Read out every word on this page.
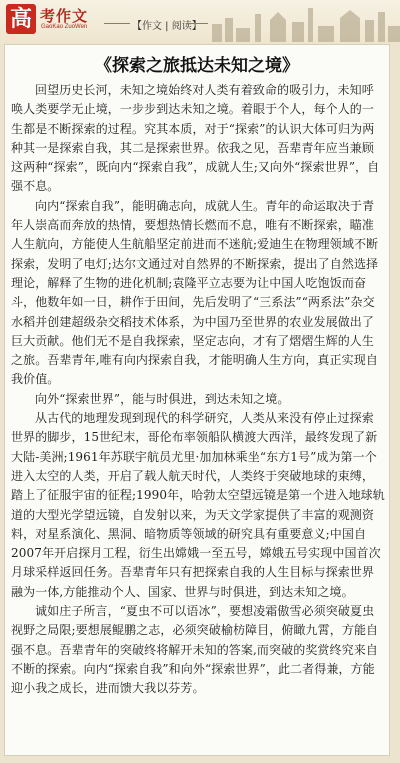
高 考作文
GaoKao ZuoWen	【作文 | 阅读】
《探索之旅抵达未知之境》

回望历史长河，未知之境始终对人类有着致命的吸引力，未知呼唤人类要学无止境，一步步到达未知之境。着眼于个人，每个人的一生都是不断探索的过程。究其本质，对于“探索”的认识大体可归为两种其一是探索自我，其二是探索世界。依我之见，吾辈青年应当兼顾这两种“探索”，既向内“探索自我”，成就人生;又向外“探索世界”，自强不息。

向内“探索自我”，能明确志向，成就人生。青年的命运取决于青年人崇高而奔放的热情，要想热情长燃而不息，唯有不断探索，瞄准人生航向，方能使人生航船坚定前进而不迷航;爱迪生在物理领域不断探索，发明了电灯;达尔文通过对自然界的不断探索，提出了自然选择理论，解释了生物的进化机制;袁隆平立志要为让中国人吃饱饭而奋斗，他数年如一日，耕作于田间，先后发明了“三系法”“两系法”杂交水稻并创建超级杂交稻技术体系，为中国乃至世界的农业发展做出了巨大贡献。他们无不是自我探索，坚定志向，才有了熠熠生辉的人生之旅。吾辈青年,唯有向内探索自我，才能明确人生方向，真正实现自我价值。

向外“探索世界”，能与时俱进，到达未知之境。

从古代的地理发现到现代的科学研究，人类从来没有停止过探索世界的脚步，15世纪末，哥伦布率领船队横渡大西洋，最终发现了新大陆-美洲;1961年苏联宇航员尤里·加加林乘坐“东方1号”成为第一个进入太空的人类，开启了载人航天时代，人类终于突破地球的束缚，踏上了征服宇宙的征程;1990年，哈勃太空望远镜是第一个进入地球轨道的大型光学望远镜，自发射以来，为天文学家提供了丰富的观测资料，对星系演化、黑洞、暗物质等领域的研究具有重要意义;中国自2007年开启探月工程，衍生出嫦娥一至五号，嫦娥五号实现中国首次月球采样返回任务。吾辈青年只有把探索自我的人生目标与探索世界融为一体,方能推动个人、国家、世界与时俱进，到达未知之境。

诚如庄子所言，“夏虫不可以语冰”，要想凌霜傲雪必须突破夏虫视野之局限;要想展鲲鹏之志，必须突破榆枋障目，俯瞰九霄，方能自强不息。吾辈青年的突破终将解开未知的答案,而突破的奖赏终究来自不断的探索。向内“探索自我”和向外“探索世界”，此二者得兼，方能迎小我之成长，进而馈大我以芬芳。
